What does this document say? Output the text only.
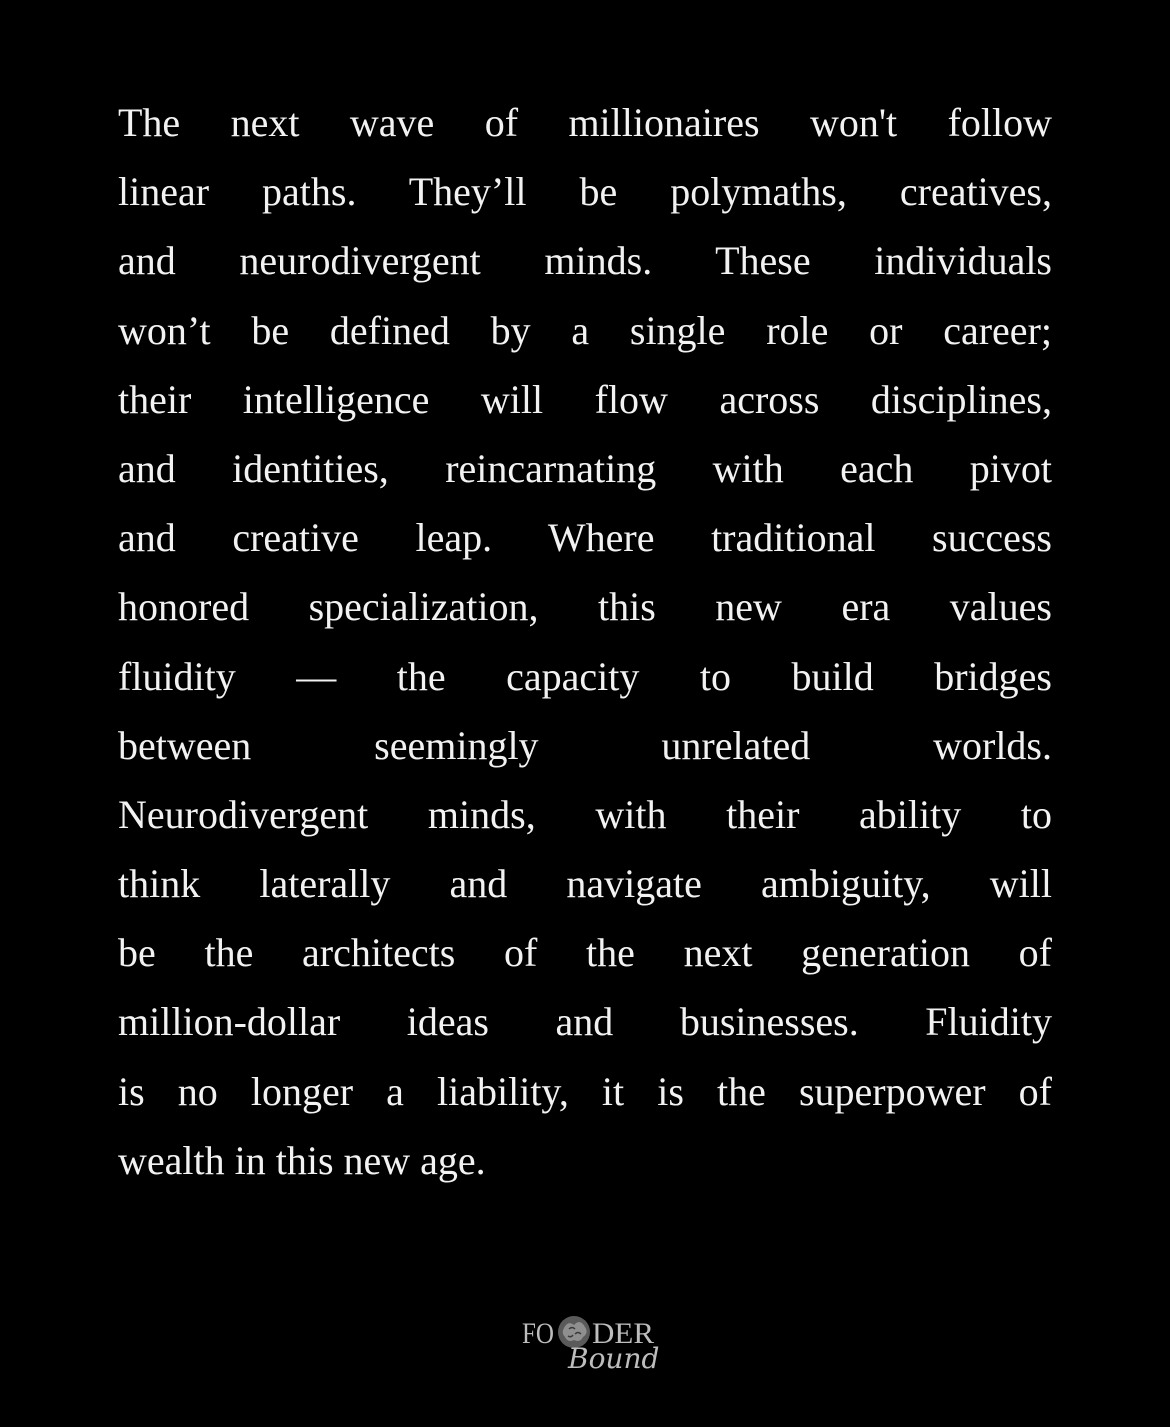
The next wave of millionaires won't follow
linear paths. They’ll be polymaths, creatives,
and neurodivergent minds. These individuals
won’t be defined by a single role or career;
their intelligence will flow across disciplines,
and identities, reincarnating with each pivot
and creative leap. Where traditional success
honored specialization, this new era values
fluidity — the capacity to build bridges
between seemingly unrelated worlds.
Neurodivergent minds, with their ability to
think laterally and navigate ambiguity, will
be the architects of the next generation of
million-dollar ideas and businesses. Fluidity
is no longer a liability, it is the superpower of
wealth in this new age.
FO DER
Bound
